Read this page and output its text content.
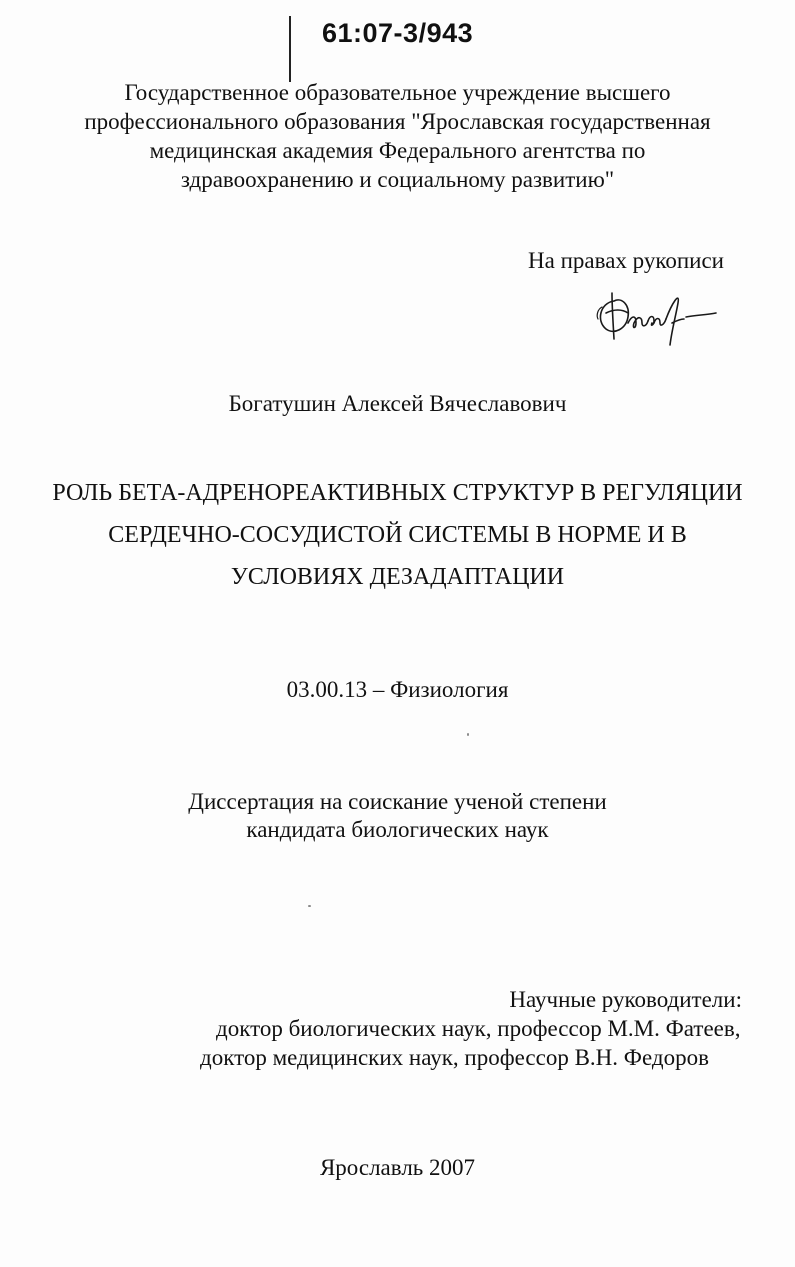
61:07-3/943
Государственное образовательное учреждение высшего
профессионального образования "Ярославская государственная
медицинская академия Федерального агентства по
здравоохранению и социальному развитию"
На правах рукописи
Богатушин Алексей Вячеславович
РОЛЬ БЕТА-АДРЕНОРЕАКТИВНЫХ СТРУКТУР В РЕГУЛЯЦИИ
СЕРДЕЧНО-СОСУДИСТОЙ СИСТЕМЫ В НОРМЕ И В
УСЛОВИЯХ ДЕЗАДАПТАЦИИ
03.00.13 – Физиология
Диссертация на соискание ученой степени
кандидата биологических наук
Научные руководители:
доктор биологических наук, профессор М.М. Фатеев,
доктор медицинских наук, профессор В.Н. Федоров
Ярославль 2007
